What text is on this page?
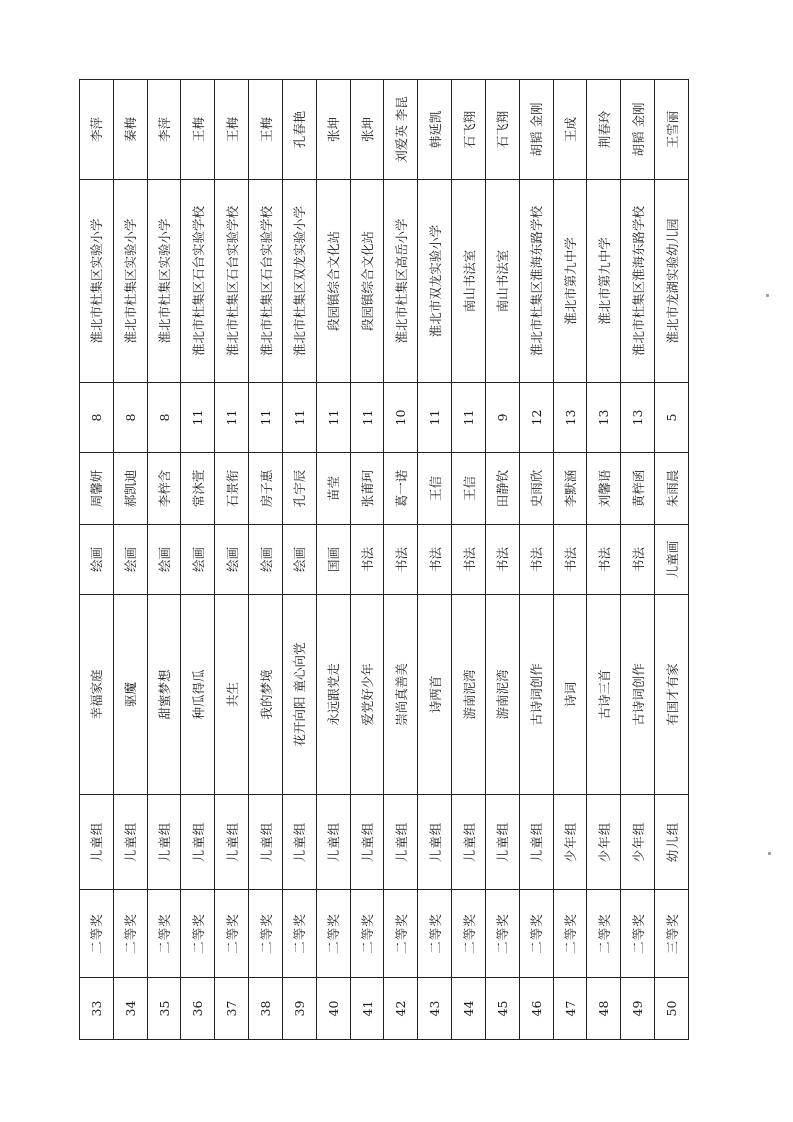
33	二等奖	儿童组	幸福家庭	绘画	周馨妍	8	淮北市杜集区实验小学	李萍
34	二等奖	儿童组	驱魔	绘画	郝凯迪	8	淮北市杜集区实验小学	秦梅
35	二等奖	儿童组	甜蜜梦想	绘画	李梓含	8	淮北市杜集区实验小学	李萍
36	二等奖	儿童组	种瓜得瓜	绘画	常沐萱	11	淮北市杜集区石台实验学校	王梅
37	二等奖	儿童组	共生	绘画	石景衔	11	淮北市杜集区石台实验学校	王梅
38	二等奖	儿童组	我的梦境	绘画	房子惠	11	淮北市杜集区石台实验学校	王梅
39	二等奖	儿童组	花开向阳 童心向党	绘画	孔宇辰	11	淮北市杜集区双龙实验小学	孔春艳
40	二等奖	儿童组	永远跟党走	国画	苗莹	11	段园镇综合文化站	张坤
41	二等奖	儿童组	爱党好少年	书法	张莆珂	11	段园镇综合文化站	张坤
42	二等奖	儿童组	崇尚真善美	书法	葛一诺	10	淮北市杜集区高岳小学	刘爱英 李昆
43	二等奖	儿童组	诗两首	书法	王信	11	淮北市双龙实验小学	韩延凯
44	二等奖	儿童组	游南泥湾	书法	王信	11	南山书法室	石飞翔
45	二等奖	儿童组	游南泥湾	书法	田静钦	9	南山书法室	石飞翔
46	二等奖	儿童组	古诗词创作	书法	史雨欣	12	淮北市杜集区淮海东路学校	胡韬 金刚
47	二等奖	少年组	诗词	书法	李默涵	13	淮北市第九中学	王成
48	二等奖	少年组	古诗三首	书法	刘馨语	13	淮北市第九中学	荆春玲
49	二等奖	少年组	古诗词创作	书法	黄梓函	13	淮北市杜集区淮海东路学校	胡韬 金刚
50	三等奖	幼儿组	有国才有家	儿童画	朱雨晨	5	淮北市龙湖实验幼儿园	王雪丽
